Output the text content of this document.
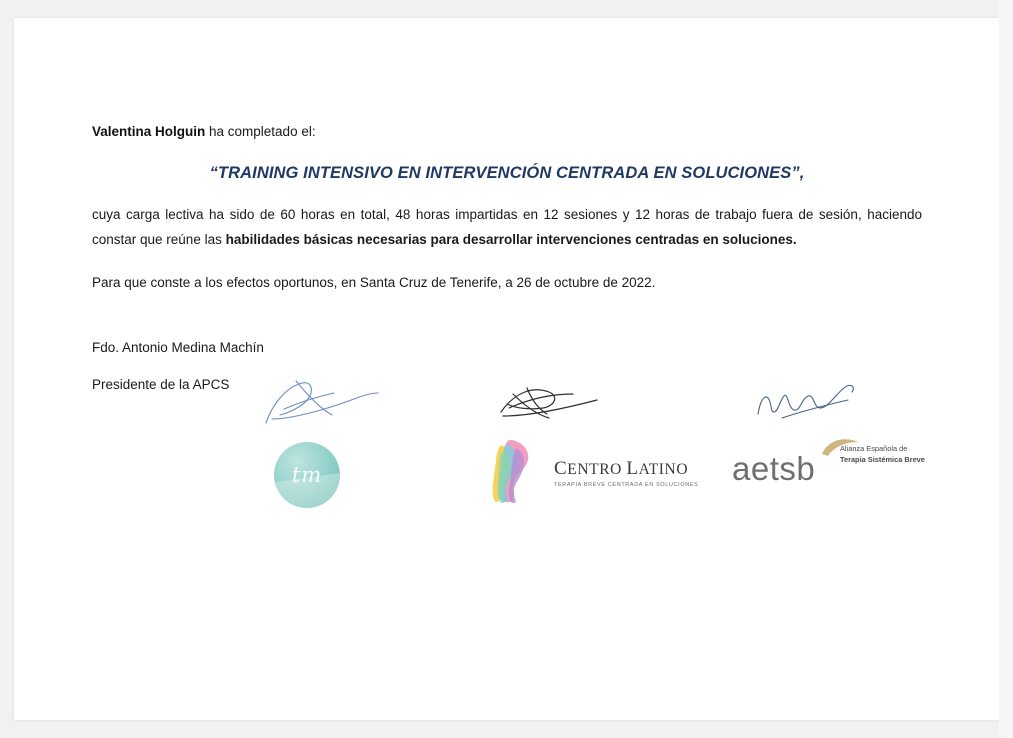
Valentina Holguin ha completado el:

“TRAINING INTENSIVO EN INTERVENCIÓN CENTRADA EN SOLUCIONES”,

cuya carga lectiva ha sido de 60 horas en total, 48 horas impartidas en 12 sesiones y 12 horas de trabajo fuera de sesión, haciendo constar que reúne las habilidades básicas necesarias para desarrollar intervenciones centradas en soluciones.

Para que conste a los efectos oportunos, en Santa Cruz de Tenerife, a 26 de octubre de 2022.

Fdo. Antonio Medina Machín

Presidente de la APCS

tm	CENTRO LATINO
TERAPIA BREVE CENTRADA EN SOLUCIONES aetsb
Alianza Española de
Terapia Sistémica Breve
